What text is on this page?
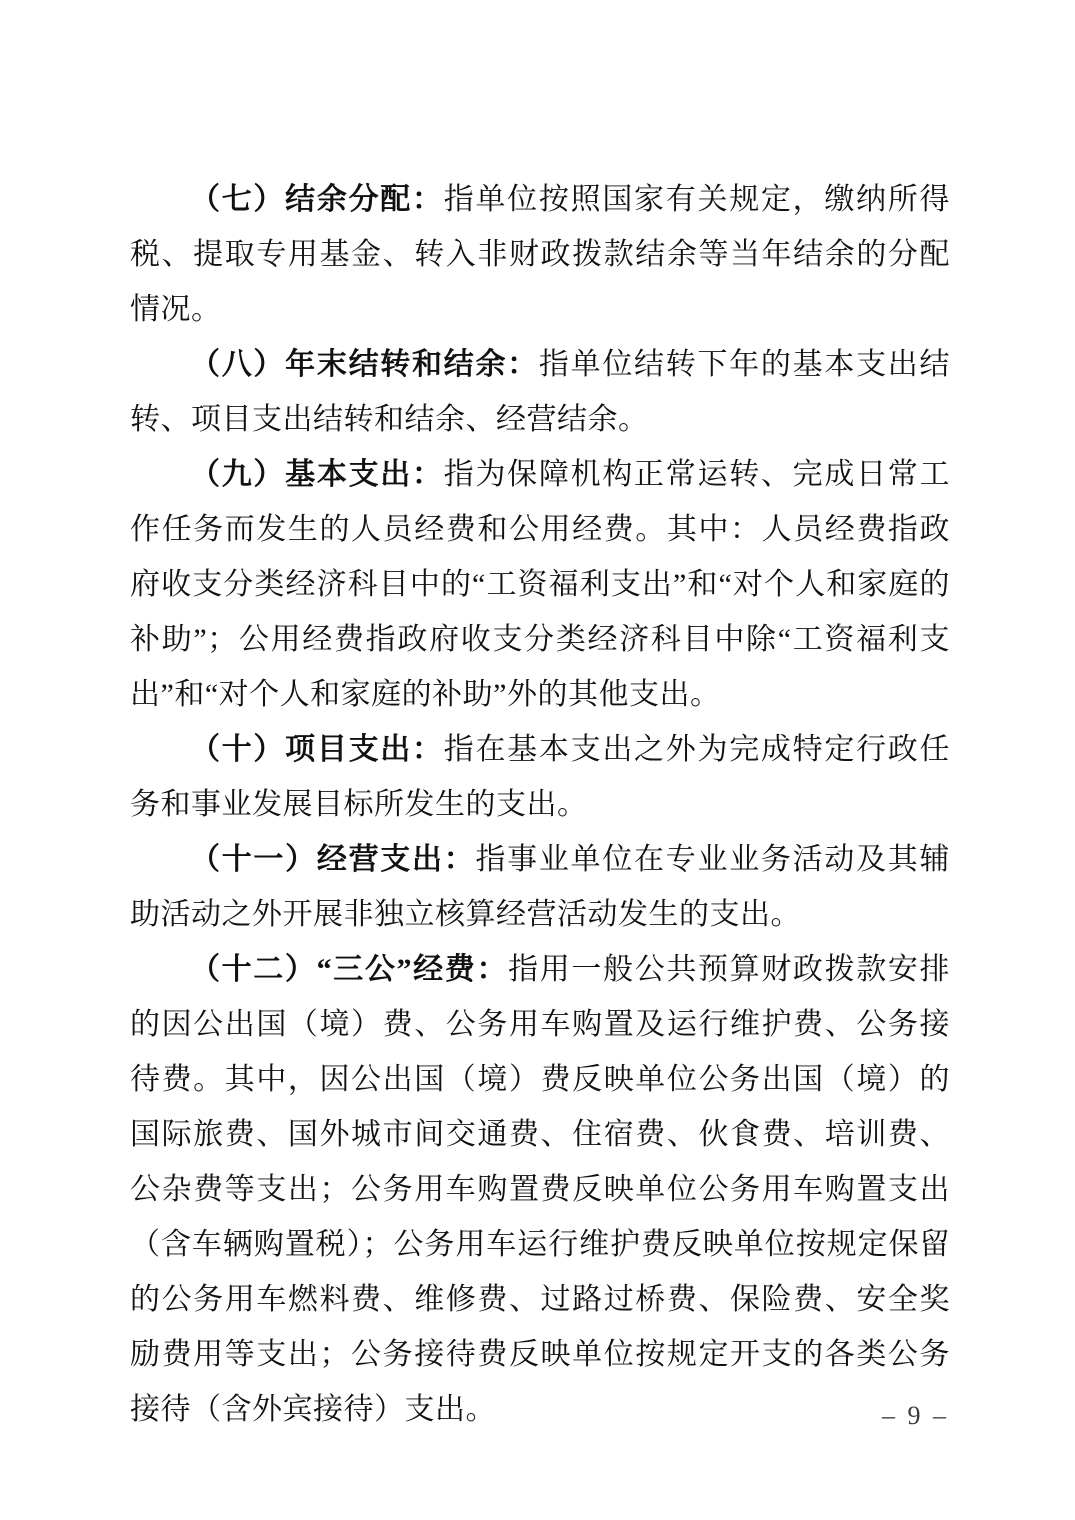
（七）结余分配：指单位按照国家有关规定，缴纳所得税、提取专用基金、转入非财政拨款结余等当年结余的分配情况。

（八）年末结转和结余：指单位结转下年的基本支出结转、项目支出结转和结余、经营结余。

（九）基本支出：指为保障机构正常运转、完成日常工作任务而发生的人员经费和公用经费。其中：人员经费指政府收支分类经济科目中的“工资福利支出”和“对个人和家庭的补助”；公用经费指政府收支分类经济科目中除“工资福利支出”和“对个人和家庭的补助”外的其他支出。

（十）项目支出：指在基本支出之外为完成特定行政任务和事业发展目标所发生的支出。

（十一）经营支出：指事业单位在专业业务活动及其辅助活动之外开展非独立核算经营活动发生的支出。

（十二）“三公”经费：指用一般公共预算财政拨款安排的因公出国（境）费、公务用车购置及运行维护费、公务接待费。其中，因公出国（境）费反映单位公务出国（境）的国际旅费、国外城市间交通费、住宿费、伙食费、培训费、公杂费等支出；公务用车购置费反映单位公务用车购置支出（含车辆购置税）；公务用车运行维护费反映单位按规定保留的公务用车燃料费、维修费、过路过桥费、保险费、安全奖励费用等支出；公务接待费反映单位按规定开支的各类公务接待（含外宾接待）支出。	– 9 –
